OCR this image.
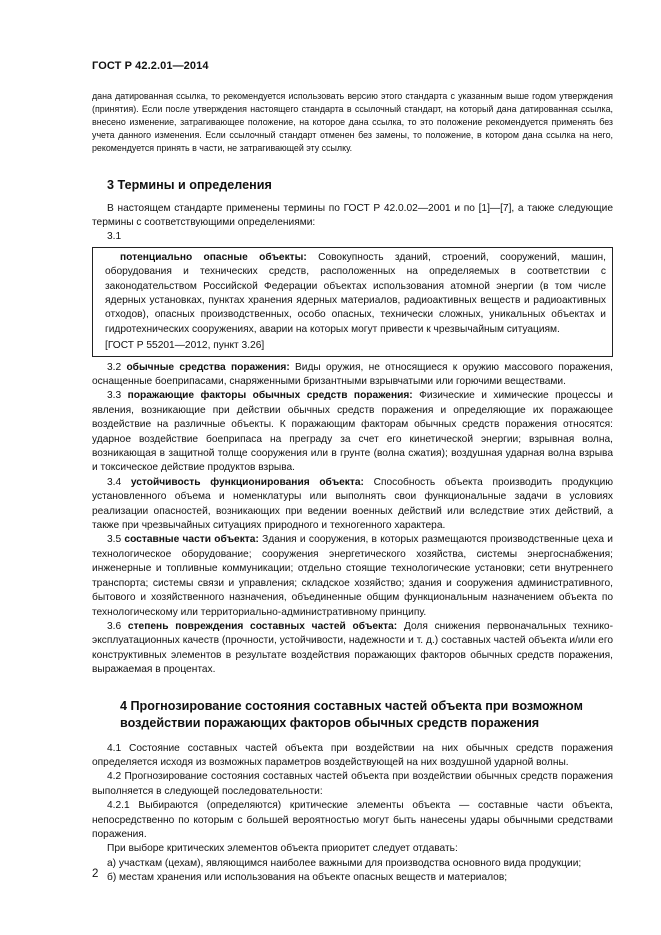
ГОСТ Р 42.2.01—2014

дана датированная ссылка, то рекомендуется использовать версию этого стандарта с указанным выше годом утверждения (принятия). Если после утверждения настоящего стандарта в ссылочный стандарт, на который дана датированная ссылка, внесено изменение, затрагивающее положение, на которое дана ссылка, то это положение рекомендуется применять без учета данного изменения. Если ссылочный стандарт отменен без замены, то положение, в котором дана ссылка на него, рекомендуется принять в части, не затрагивающей эту ссылку.

3 Термины и определения

В настоящем стандарте применены термины по ГОСТ Р 42.0.02—2001 и по [1]—[7], а также следующие термины с соответствующими определениями:

3.1

потенциально опасные объекты: Совокупность зданий, строений, сооружений, машин, оборудования и технических средств, расположенных на определяемых в соответствии с законодательством Российской Федерации объектах использования атомной энергии (в том числе ядерных установках, пунктах хранения ядерных материалов, радиоактивных веществ и радиоактивных отходов), опасных производственных, особо опасных, технически сложных, уникальных объектах и гидротехнических сооружениях, аварии на которых могут привести к чрезвычайным ситуациям.

[ГОСТ Р 55201—2012, пункт 3.26]

3.2 обычные средства поражения: Виды оружия, не относящиеся к оружию массового поражения, оснащенные боеприпасами, снаряженными бризантными взрывчатыми или горючими веществами.

3.3 поражающие факторы обычных средств поражения: Физические и химические процессы и явления, возникающие при действии обычных средств поражения и определяющие их поражающее воздействие на различные объекты. К поражающим факторам обычных средств поражения относятся: ударное воздействие боеприпаса на преграду за счет его кинетической энергии; взрывная волна, возникающая в защитной толще сооружения или в грунте (волна сжатия); воздушная ударная волна взрыва и токсическое действие продуктов взрыва.

3.4 устойчивость функционирования объекта: Способность объекта производить продукцию установленного объема и номенклатуры или выполнять свои функциональные задачи в условиях реализации опасностей, возникающих при ведении военных действий или вследствие этих действий, а также при чрезвычайных ситуациях природного и техногенного характера.

3.5 составные части объекта: Здания и сооружения, в которых размещаются производственные цеха и технологическое оборудование; сооружения энергетического хозяйства, системы энергоснабжения; инженерные и топливные коммуникации; отдельно стоящие технологические установки; сети внутреннего транспорта; системы связи и управления; складское хозяйство; здания и сооружения административного, бытового и хозяйственного назначения, объединенные общим функциональным назначением объекта по технологическому или территориально-административному принципу.

3.6 степень повреждения составных частей объекта: Доля снижения первоначальных технико-эксплуатационных качеств (прочности, устойчивости, надежности и т. д.) составных частей объекта и/или его конструктивных элементов в результате воздействия поражающих факторов обычных средств поражения, выражаемая в процентах.

4 Прогнозирование состояния составных частей объекта при возможном воздействии поражающих факторов обычных средств поражения

4.1 Состояние составных частей объекта при воздействии на них обычных средств поражения определяется исходя из возможных параметров воздействующей на них воздушной ударной волны.

4.2 Прогнозирование состояния составных частей объекта при воздействии обычных средств поражения выполняется в следующей последовательности:

4.2.1 Выбираются (определяются) критические элементы объекта — составные части объекта, непосредственно по которым с большей вероятностью могут быть нанесены удары обычными средствами поражения.

При выборе критических элементов объекта приоритет следует отдавать:

а) участкам (цехам), являющимся наиболее важными для производства основного вида продукции;

б) местам хранения или использования на объекте опасных веществ и материалов;

2
